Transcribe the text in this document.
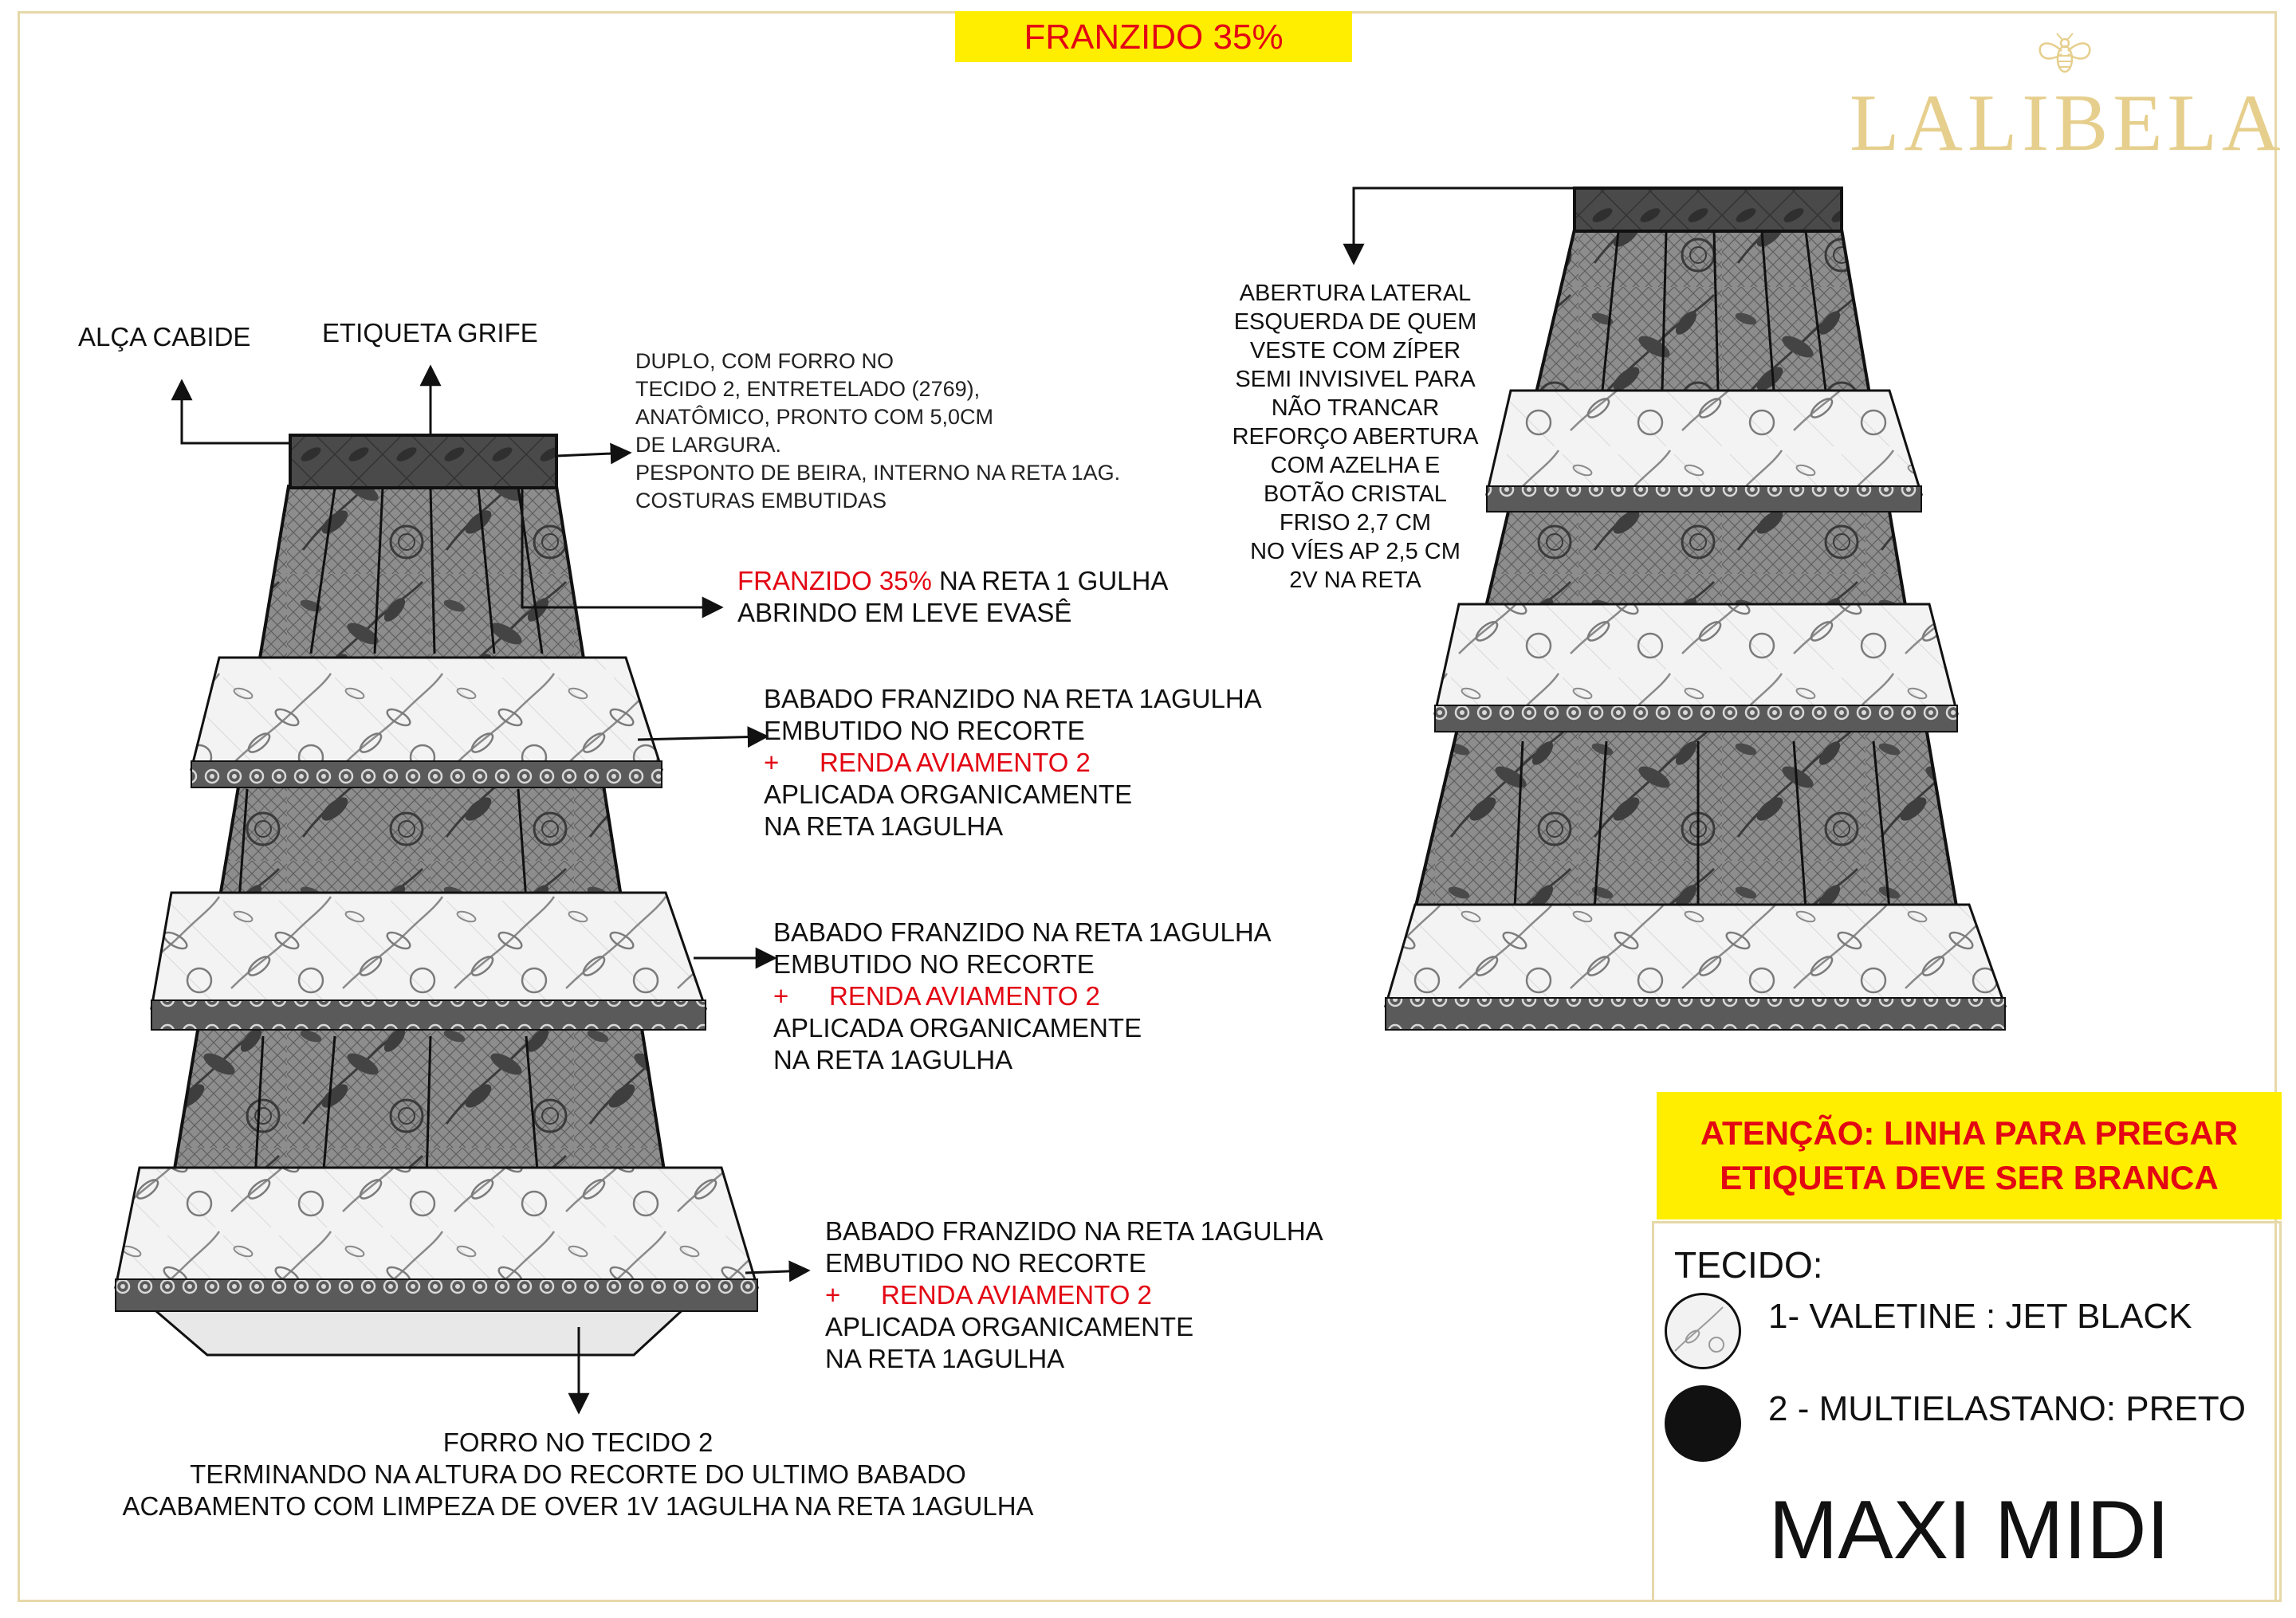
FRANZIDO 35%
LALIBELA
ALÇA CABIDE	ETIQUETA GRIFE
DUPLO, COM FORRO NO
TECIDO 2, ENTRETELADO (2769),
ANATÔMICO, PRONTO COM 5,0CM
DE LARGURA.
PESPONTO DE BEIRA, INTERNO NA RETA 1AG.
COSTURAS EMBUTIDAS
FRANZIDO 35% NA RETA 1 GULHA
ABRINDO EM LEVE EVASÊ
BABADO FRANZIDO NA RETA 1AGULHA
EMBUTIDO NO RECORTE
+ RENDA AVIAMENTO 2
APLICADA ORGANICAMENTE
NA RETA 1AGULHA
BABADO FRANZIDO NA RETA 1AGULHA
EMBUTIDO NO RECORTE
+ RENDA AVIAMENTO 2
APLICADA ORGANICAMENTE
NA RETA 1AGULHA
BABADO FRANZIDO NA RETA 1AGULHA
EMBUTIDO NO RECORTE
+ RENDA AVIAMENTO 2
APLICADA ORGANICAMENTE
NA RETA 1AGULHA
FORRO NO TECIDO 2
TERMINANDO NA ALTURA DO RECORTE DO ULTIMO BABADO
ACABAMENTO COM LIMPEZA DE OVER 1V 1AGULHA NA RETA 1AGULHA
ABERTURA LATERAL
ESQUERDA DE QUEM
VESTE COM ZÍPER
SEMI INVISIVEL PARA
NÃO TRANCAR
REFORÇO ABERTURA
COM AZELHA E
BOTÃO CRISTAL
FRISO 2,7 CM
NO VÍES AP 2,5 CM
2V NA RETA
ATENÇÃO: LINHA PARA PREGAR
ETIQUETA DEVE SER BRANCA
TECIDO:
1- VALETINE : JET BLACK
2 - MULTIELASTANO: PRETO
MAXI MIDI
